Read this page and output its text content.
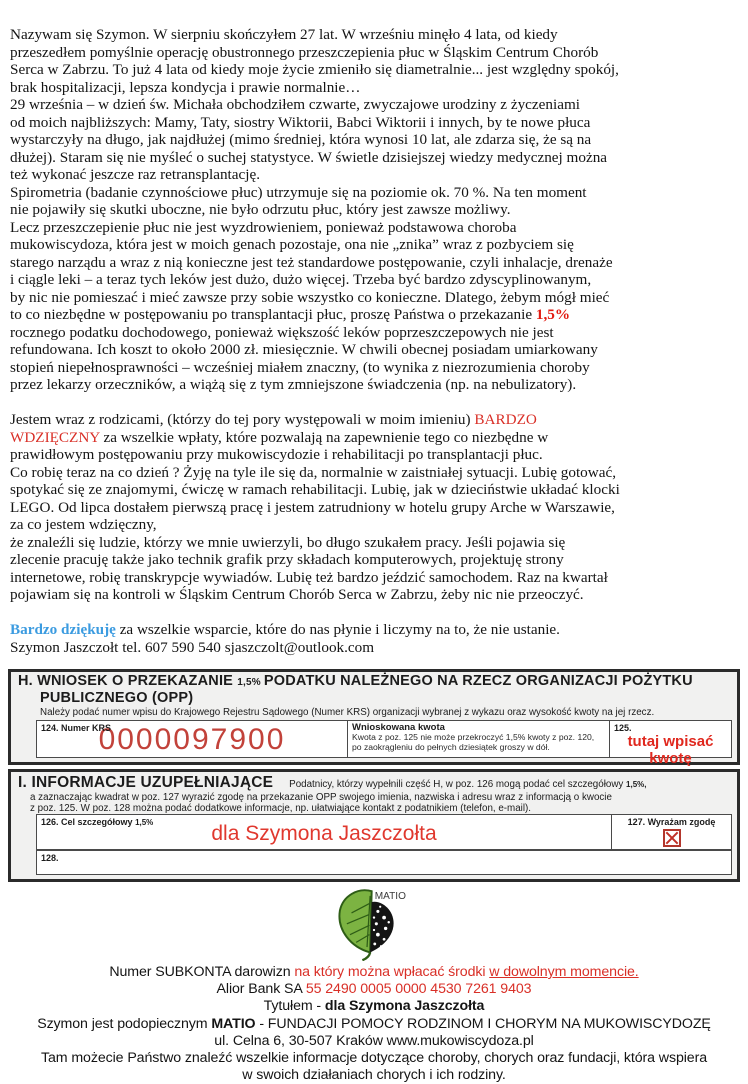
Nazywam się Szymon. W sierpniu skończyłem 27 lat. W wrześniu minęło 4 lata, od kiedy
przeszedłem pomyślnie operację obustronnego przeszczepienia płuc w Śląskim Centrum Chorób
Serca w Zabrzu. To już 4 lata od kiedy moje życie zmieniło się diametralnie... jest względny spokój,
brak hospitalizacji, lepsza kondycja i prawie normalnie…
29 września – w dzień św. Michała obchodziłem czwarte, zwyczajowe urodziny z życzeniami
od moich najbliższych: Mamy, Taty, siostry Wiktorii, Babci Wiktorii i innych, by te nowe płuca
wystarczyły na długo, jak najdłużej (mimo średniej, która wynosi 10 lat, ale zdarza się, że są na
dłużej). Staram się nie myśleć o suchej statystyce. W świetle dzisiejszej wiedzy medycznej można
też wykonać jeszcze raz retransplantację.
Spirometria (badanie czynnościowe płuc) utrzymuje się na poziomie ok. 70 %. Na ten moment
nie pojawiły się skutki uboczne, nie było odrzutu płuc, który jest zawsze możliwy.
Lecz przeszczepienie płuc nie jest wyzdrowieniem, ponieważ podstawowa choroba
mukowiscydoza, która jest w moich genach pozostaje, ona nie „znika” wraz z pozbyciem się
starego narządu a wraz z nią konieczne jest też standardowe postępowanie, czyli inhalacje, drenaże
i ciągle leki – a teraz tych leków jest dużo, dużo więcej. Trzeba być bardzo zdyscyplinowanym,
by nic nie pomieszać i mieć zawsze przy sobie wszystko co konieczne. Dlatego, żebym mógł mieć
to co niezbędne w postępowaniu po transplantacji płuc, proszę Państwa o przekazanie 1,5%
rocznego podatku dochodowego, ponieważ większość leków poprzeszczepowych nie jest
refundowana. Ich koszt to około 2000 zł. miesięcznie. W chwili obecnej posiadam umiarkowany
stopień niepełnosprawności – wcześniej miałem znaczny, (to wynika z niezrozumienia choroby
przez lekarzy orzeczników, a wiążą się z tym zmniejszone świadczenia (np. na nebulizatory).

Jestem wraz z rodzicami, (którzy do tej pory występowali w moim imieniu) BARDZO
WDZIĘCZNY za wszelkie wpłaty, które pozwalają na zapewnienie tego co niezbędne w
prawidłowym postępowaniu przy mukowiscydozie i rehabilitacji po transplantacji płuc.
Co robię teraz na co dzień ? Żyję na tyle ile się da, normalnie w zaistniałej sytuacji. Lubię gotować,
spotykać się ze znajomymi, ćwiczę w ramach rehabilitacji. Lubię, jak w dzieciństwie układać klocki
LEGO. Od lipca dostałem pierwszą pracę i jestem zatrudniony w hotelu grupy Arche w Warszawie,
za co jestem wdzięczny,
że znaleźli się ludzie, którzy we mnie uwierzyli, bo długo szukałem pracy. Jeśli pojawia się
zlecenie pracuję także jako technik grafik przy składach komputerowych, projektuję strony
internetowe, robię transkrypcje wywiadów. Lubię też bardzo jeździć samochodem. Raz na kwartał
pojawiam się na kontroli w Śląskim Centrum Chorób Serca w Zabrzu, żeby nic nie przeoczyć.

Bardzo dziękuję za wszelkie wsparcie, które do nas płynie i liczymy na to, że nie ustanie.
Szymon Jaszczołt tel. 607 590 540 sjaszczolt@outlook.com
H. WNIOSEK O PRZEKAZANIE 1,5% PODATKU NALEŻNEGO NA RZECZ ORGANIZACJI POŻYTKU
PUBLICZNEGO (OPP)
Należy podać numer wpisu do Krajowego Rejestru Sądowego (Numer KRS) organizacji wybranej z wykazu oraz wysokość kwoty na jej rzecz.
124. Numer KRS
0000097900	Wnioskowana kwota
Kwota z poz. 125 nie może przekroczyć 1,5% kwoty z poz. 120,
po zaokrągleniu do pełnych dziesiątek groszy w dół.
125.
tutaj wpisać kwotę
I. INFORMACJE UZUPEŁNIAJĄCE Podatnicy, którzy wypełnili część H, w poz. 126 mogą podać cel szczegółowy 1,5%,
a zaznaczając kwadrat w poz. 127 wyrazić zgodę na przekazanie OPP swojego imienia, nazwiska i adresu wraz z informacją o kwocie
z poz. 125. W poz. 128 można podać dodatkowe informacje, np. ułatwiające kontakt z podatnikiem (telefon, e-mail).
126. Cel szczegółowy 1,5%	dla Szymona Jaszczołta	127. Wyrażam zgodę
128.
MATIO
Numer SUBKONTA darowizn na który można wpłacać środki w dowolnym momencie.
Alior Bank SA 55 2490 0005 0000 4530 7261 9403
Tytułem - dla Szymona Jaszczołta
Szymon jest podopiecznym MATIO - FUNDACJI POMOCY RODZINOM I CHORYM NA MUKOWISCYDOZĘ
ul. Celna 6, 30-507 Kraków www.mukowiscydoza.pl
Tam możecie Państwo znaleźć wszelkie informacje dotyczące choroby, chorych oraz fundacji, która wspiera
w swoich działaniach chorych i ich rodziny.
